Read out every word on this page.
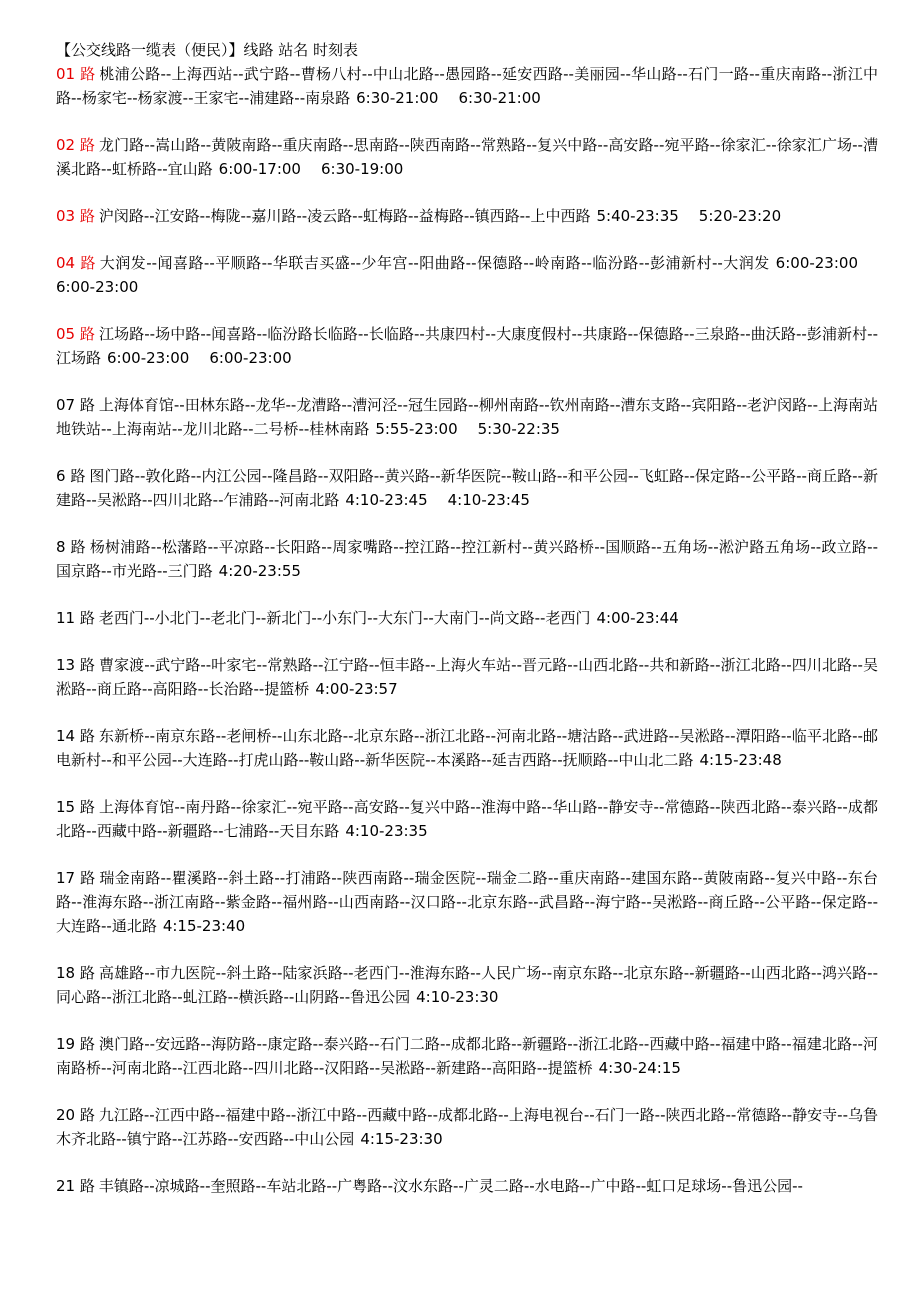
【公交线路一缆表（便民）】线路 站名 时刻表
01 路 桃浦公路--上海西站--武宁路--曹杨八村--中山北路--愚园路--延安西路--美丽园--华山路--石门一路--重庆南路--浙江中路--杨家宅--杨家渡--王家宅--浦建路--南泉路 6:30-21:00 6:30-21:00
02 路 龙门路--嵩山路--黄陂南路--重庆南路--思南路--陕西南路--常熟路--复兴中路--高安路--宛平路--徐家汇--徐家汇广场--漕溪北路--虹桥路--宜山路 6:00-17:00 6:30-19:00
03 路 沪闵路--江安路--梅陇--嘉川路--凌云路--虹梅路--益梅路--镇西路--上中西路 5:40-23:35 5:20-23:20
04 路 大润发--闻喜路--平顺路--华联吉买盛--少年宫--阳曲路--保德路--岭南路--临汾路--彭浦新村--大润发 6:00-23:006:00-23:00
05 路 江场路--场中路--闻喜路--临汾路长临路--长临路--共康四村--大康度假村--共康路--保德路--三泉路--曲沃路--彭浦新村--江场路 6:00-23:00 6:00-23:00
07 路 上海体育馆--田林东路--龙华--龙漕路--漕河泾--冠生园路--柳州南路--钦州南路--漕东支路--宾阳路--老沪闵路--上海南站地铁站--上海南站--龙川北路--二号桥--桂林南路 5:55-23:00 5:30-22:35
6 路 图门路--敦化路--内江公园--隆昌路--双阳路--黄兴路--新华医院--鞍山路--和平公园--飞虹路--保定路--公平路--商丘路--新建路--吴淞路--四川北路--乍浦路--河南北路 4:10-23:45 4:10-23:45
8 路 杨树浦路--松藩路--平凉路--长阳路--周家嘴路--控江路--控江新村--黄兴路桥--国顺路--五角场--淞沪路五角场--政立路--国京路--市光路--三门路 4:20-23:55
11 路 老西门--小北门--老北门--新北门--小东门--大东门--大南门--尚文路--老西门 4:00-23:44
13 路 曹家渡--武宁路--叶家宅--常熟路--江宁路--恒丰路--上海火车站--晋元路--山西北路--共和新路--浙江北路--四川北路--吴淞路--商丘路--高阳路--长治路--提篮桥 4:00-23:57
14 路 东新桥--南京东路--老闸桥--山东北路--北京东路--浙江北路--河南北路--塘沽路--武进路--吴淞路--潭阳路--临平北路--邮电新村--和平公园--大连路--打虎山路--鞍山路--新华医院--本溪路--延吉西路--抚顺路--中山北二路 4:15-23:48
15 路 上海体育馆--南丹路--徐家汇--宛平路--高安路--复兴中路--淮海中路--华山路--静安寺--常德路--陕西北路--泰兴路--成都北路--西藏中路--新疆路--七浦路--天目东路 4:10-23:35
17 路 瑞金南路--瞿溪路--斜土路--打浦路--陕西南路--瑞金医院--瑞金二路--重庆南路--建国东路--黄陂南路--复兴中路--东台路--淮海东路--浙江南路--紫金路--福州路--山西南路--汉口路--北京东路--武昌路--海宁路--吴淞路--商丘路--公平路--保定路--大连路--通北路 4:15-23:40
18 路 高雄路--市九医院--斜土路--陆家浜路--老西门--淮海东路--人民广场--南京东路--北京东路--新疆路--山西北路--鸿兴路--同心路--浙江北路--虬江路--横浜路--山阴路--鲁迅公园 4:10-23:30
19 路 澳门路--安远路--海防路--康定路--泰兴路--石门二路--成都北路--新疆路--浙江北路--西藏中路--福建中路--福建北路--河南路桥--河南北路--江西北路--四川北路--汉阳路--吴淞路--新建路--高阳路--提篮桥 4:30-24:15
20 路 九江路--江西中路--福建中路--浙江中路--西藏中路--成都北路--上海电视台--石门一路--陕西北路--常德路--静安寺--乌鲁木齐北路--镇宁路--江苏路--安西路--中山公园 4:15-23:30
21 路 丰镇路--凉城路--奎照路--车站北路--广粤路--汶水东路--广灵二路--水电路--广中路--虹口足球场--鲁迅公园--
